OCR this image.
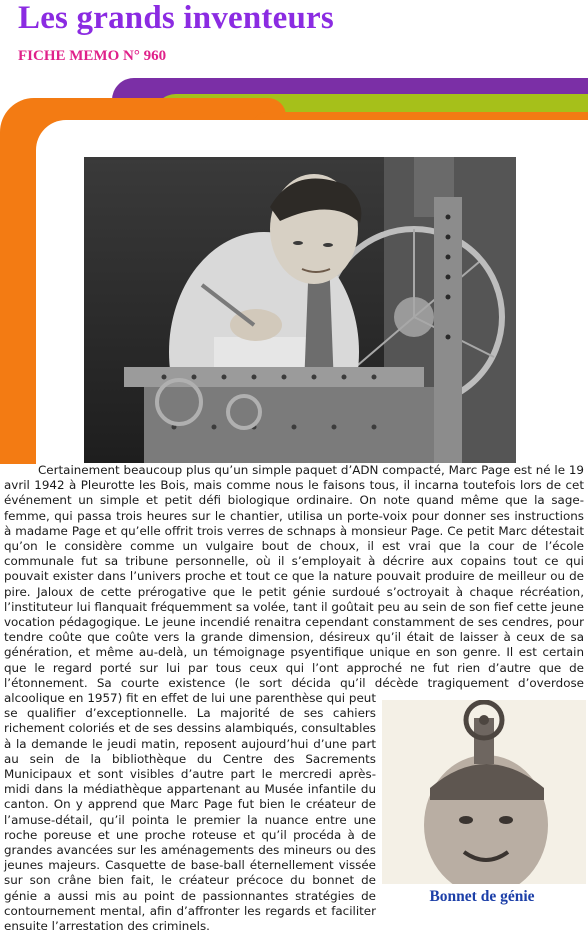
Les grands inventeurs
FICHE MEMO N° 960
MARC PAGE

Certainement beaucoup plus qu’un simple paquet d’ADN compacté, Marc Page est né le 19 avril 1942 à Pleurotte les Bois, mais comme nous le faisons tous, il incarna toutefois lors de cet événement un simple et petit défi biologique ordinaire. On note quand même que la sage-femme, qui passa trois heures sur le chantier, utilisa un porte-voix pour donner ses instructions à madame Page et qu’elle offrit trois verres de schnaps à monsieur Page. Ce petit Marc détestait qu’on le considère comme un vulgaire bout de choux, il est vrai que la cour de l’école communale fut sa tribune personnelle, où il s’employait à décrire aux copains tout ce qui pouvait exister dans l’univers proche et tout ce que la nature pouvait produire de meilleur ou de pire. Jaloux de cette prérogative que le petit génie surdoué s’octroyait à chaque récréation, l’instituteur lui flanquait fréquemment sa volée, tant il goûtait peu au sein de son fief cette jeune vocation pédagogique. Le jeune incendié renaitra cependant constamment de ses cendres, pour tendre coûte que coûte vers la grande dimension, désireux qu’il était de laisser à ceux de sa génération, et même au-delà, un témoignage psyentifique unique en son genre. Il est certain que le regard porté sur lui par tous ceux qui l’ont approché ne fut rien d’autre que de l’étonnement. Sa courte existence (le sort décida qu’il décède tragiquement d’overdose alcoolique en 1957) fit en effet de lui une parenthèse qui peut se qualifier d’exceptionnelle. La majorité de ses cahiers richement coloriés et de ses dessins alambiqués, consultables à la demande le jeudi matin, reposent aujourd’hui d’une part au sein de la bibliothèque du Centre des Sacrements Municipaux et sont visibles d’autre part le mercredi après-midi dans la médiathèque appartenant au Musée infantile du canton. On y apprend que Marc Page fut bien le créateur de l’amuse-détail, qu’il pointa le premier la nuance entre une roche poreuse et une proche roteuse et qu’il procéda à de grandes avancées sur les aménagements des mineurs ou des jeunes majeurs. Casquette de base-ball éternellement vissée sur son crâne bien fait, le créateur précoce du bonnet de génie a aussi mis au point de passionnantes stratégies de contournement mental, afin d’affronter les regards et faciliter ensuite l’arrestation des criminels.

Bonnet de génie
